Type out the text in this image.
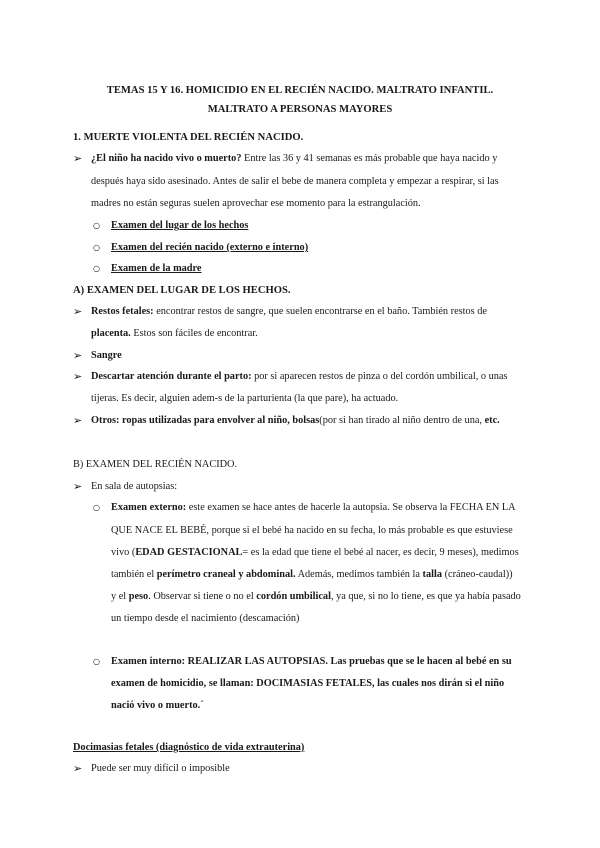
TEMAS 15 Y 16. HOMICIDIO EN EL RECIÉN NACIDO. MALTRATO INFANTIL.
MALTRATO A PERSONAS MAYORES
1. MUERTE VIOLENTA DEL RECIÉN NACIDO.
➢ ¿El niño ha nacido vivo o muerto? Entre las 36 y 41 semanas es más probable que haya nacido y
después haya sido asesinado. Antes de salir el bebe de manera completa y empezar a respirar, si las
madres no están seguras suelen aprovechar ese momento para la estrangulación.
○ Examen del lugar de los hechos
○ Examen del recién nacido (externo e interno)
○ Examen de la madre
A) EXAMEN DEL LUGAR DE LOS HECHOS.
➢ Restos fetales: encontrar restos de sangre, que suelen encontrarse en el baño. También restos de
placenta. Estos son fáciles de encontrar.
➢ Sangre
➢ Descartar atención durante el parto: por si aparecen restos de pinza o del cordón umbilical, o unas
tijeras. Es decir, alguien adem-s de la parturienta (la que pare), ha actuado.
➢ Otros: ropas utilizadas para envolver al niño, bolsas(por si han tirado al niño dentro de una, etc.
B) EXAMEN DEL RECIÉN NACIDO.
➢ En sala de autopsias:
○ Examen externo: este examen se hace antes de hacerle la autopsia. Se observa la FECHA EN LA
QUE NACE EL BEBÉ, porque si el bebé ha nacido en su fecha, lo más probable es que estuviese
vivo (EDAD GESTACIONAL= es la edad que tiene el bebé al nacer, es decir, 9 meses), medimos
también el perímetro craneal y abdominal. Además, medimos también la talla (cráneo-caudal))
y el peso. Observar si tiene o no el cordón umbilical, ya que, si no lo tiene, es que ya había pasado
un tiempo desde el nacimiento (descamación)
○ Examen interno: REALIZAR LAS AUTOPSIAS. Las pruebas que se le hacen al bebé en su
examen de homicidio, se llaman: DOCIMASIAS FETALES, las cuales nos dirán si el niño
nació vivo o muerto.´
Docimasias fetales (diagnóstico de vida extrauterina)
➢ Puede ser muy difícil o imposible
